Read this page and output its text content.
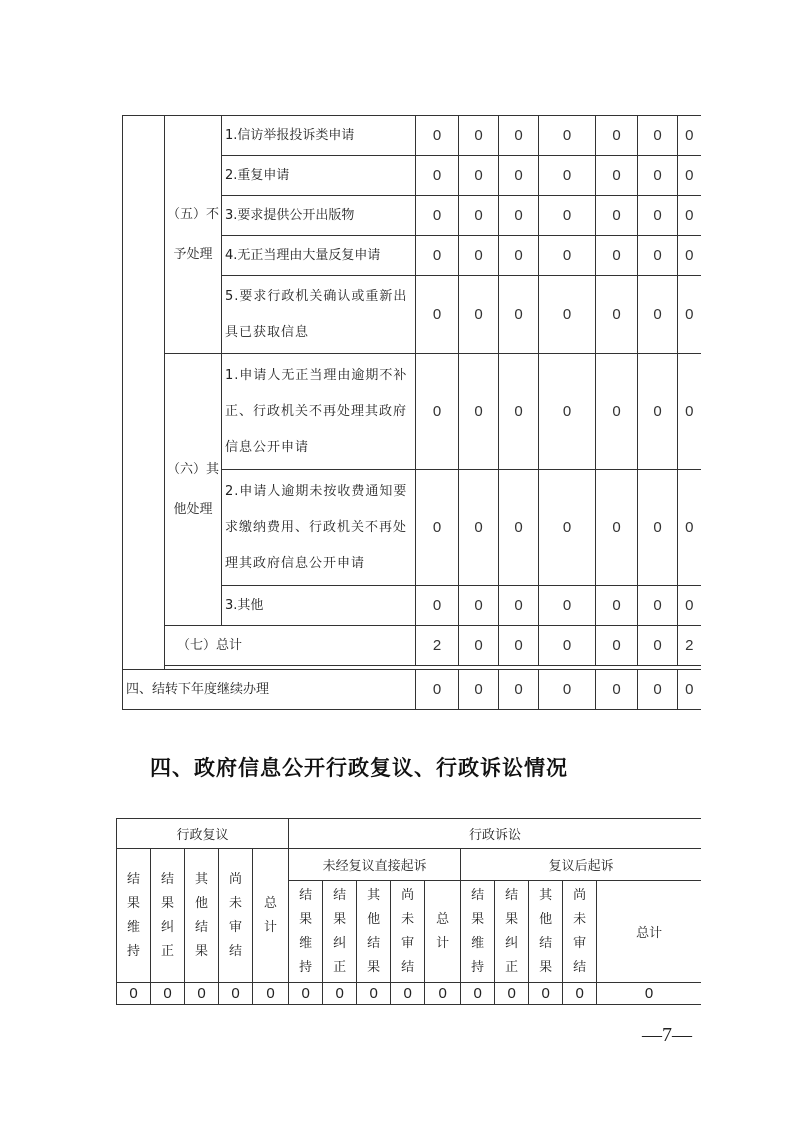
	（五）不予处理	1.信访举报投诉类申请	0	0	0	0	0	0	0
		2.重复申请	0	0	0	0	0	0	0
		3.要求提供公开出版物	0	0	0	0	0	0	0
		4.无正当理由大量反复申请	0	0	0	0	0	0	0
		5.要求行政机关确认或重新出具已获取信息	0	0	0	0	0	0	0
	（六）其他处理	1.申请人无正当理由逾期不补正、行政机关不再处理其政府信息公开申请	0	0	0	0	0	0	0
		2.申请人逾期未按收费通知要求缴纳费用、行政机关不再处理其政府信息公开申请	0	0	0	0	0	0	0
		3.其他	0	0	0	0	0	0	0
	（七）总计		2	0	0	0	0	0	2

四、结转下年度继续办理			0	0	0	0	0	0	0
四、政府信息公开行政复议、行政诉讼情况
行政复议					行政诉讼									
结果维持	结果纠正	其他结果	尚未审结	总计	未经复议直接起诉					复议后起诉				
					结果维持	结果纠正	其他结果	尚未审结	总计	结果维持	结果纠正	其他结果	尚未审结	总计
0	0	0	0	0	0	0	0	0	0	0	0	0	0	0
—7—
